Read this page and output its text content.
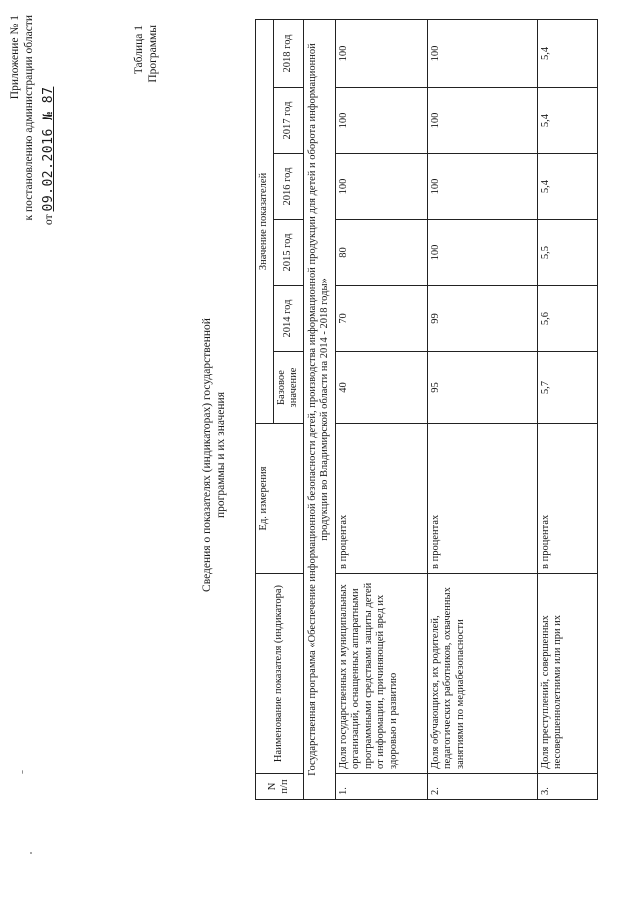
Приложение № 1 к постановлению администрации области от 09.02.2016 № 87
Таблица 1 Программы
Сведения о показателях (индикаторах) государственной программы и их значения
N п/п	Наименование показателя (индикатора)	Ед. измерения	Значение показателей					
			Базовое значение	2014 год	2015 год	2016 год	2017 год	2018 год
Государственная программа «Обеспечение информационной безопасности детей, производства информационной продукции для детей и оборота информационной продукции во Владимирской области на 2014 - 2018 годы»								
1.	Доля государственных и муниципальных организаций, оснащенных аппаратными программными средствами защиты детей от информации, причиняющей вред их здоровью и развитию	в процентах	40	70	80	100	100	100
2.	Доля обучающихся, их родителей, педагогических работников, охваченных занятиями по медиабезопасности	в процентах	95	99	100	100	100	100
3.	Доля преступлений, совершенных несовершеннолетними или при их	в процентах	5,7	5,6	5,5	5,4	5,4	5,4
